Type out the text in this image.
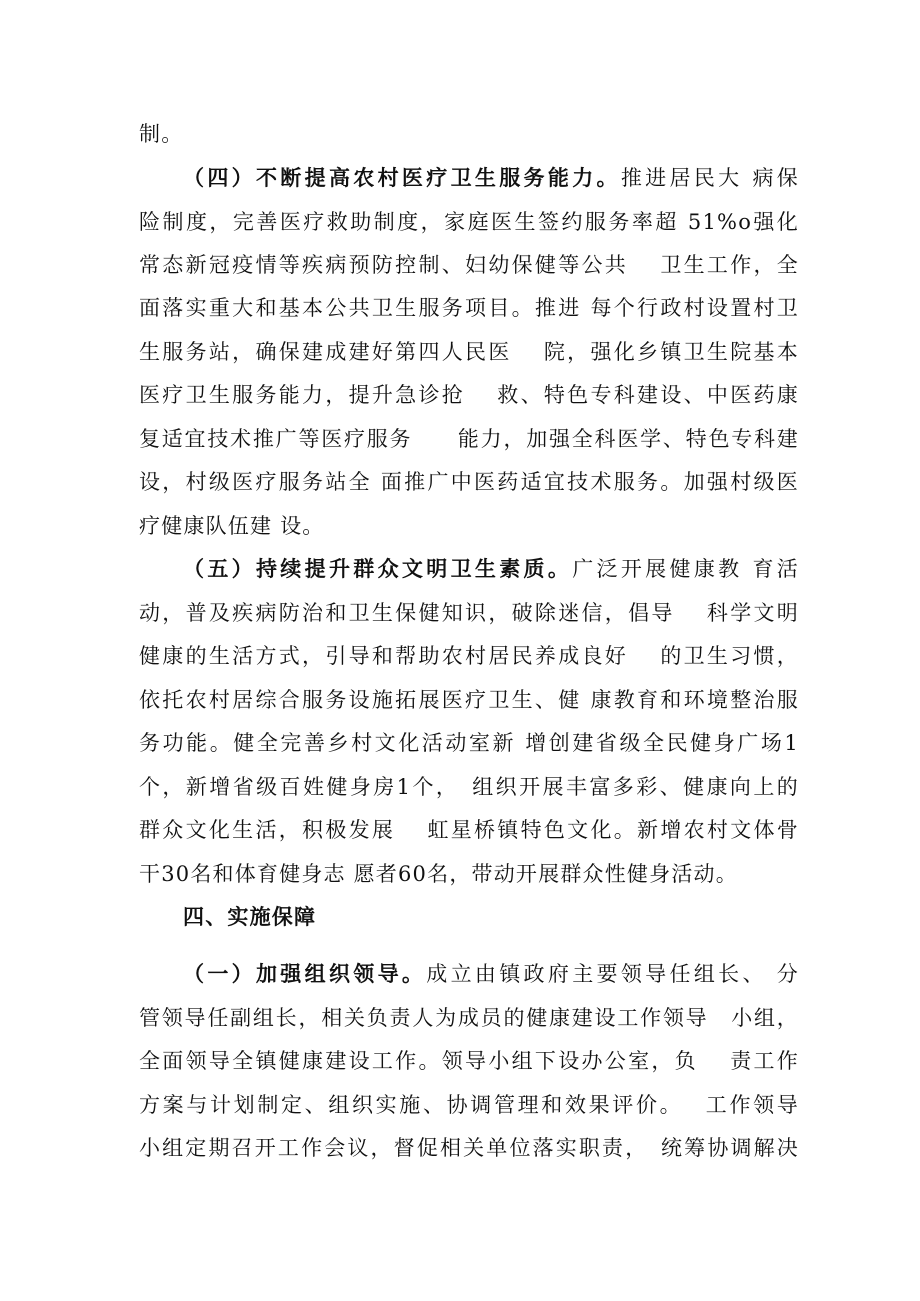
制。
（四）不断提高农村医疗卫生服务能力。推进居民大 病保
险制度，完善医疗救助制度，家庭医生签约服务率超 51%o强化
常态新冠疫情等疾病预防控制、妇幼保健等公共　 卫生工作，全
面落实重大和基本公共卫生服务项目。推进 每个行政村设置村卫
生服务站，确保建成建好第四人民医　 院，强化乡镇卫生院基本
医疗卫生服务能力，提升急诊抢　 救、特色专科建设、中医药康
复适宜技术推广等医疗服务　　能力，加强全科医学、特色专科建
设，村级医疗服务站全 面推广中医药适宜技术服务。加强村级医
疗健康队伍建 设。
（五）持续提升群众文明卫生素质。广泛开展健康教 育活
动，普及疾病防治和卫生保健知识，破除迷信，倡导　 科学文明
健康的生活方式，引导和帮助农村居民养成良好　 的卫生习惯，
依托农村居综合服务设施拓展医疗卫生、健 康教育和环境整治服
务功能。健全完善乡村文化活动室新 增创建省级全民健身广场1
个，新增省级百姓健身房1个，　组织开展丰富多彩、健康向上的
群众文化生活，积极发展　 虹星桥镇特色文化。新增农村文体骨
干30名和体育健身志 愿者60名，带动开展群众性健身活动。
四、实施保障
（一）加强组织领导。成立由镇政府主要领导任组长、 分
管领导任副组长，相关负责人为成员的健康建设工作领导　小组，
全面领导全镇健康建设工作。领导小组下设办公室，负　 责工作
方案与计划制定、组织实施、协调管理和效果评价。　 工作领导
小组定期召开工作会议，督促相关单位落实职责，　统筹协调解决
